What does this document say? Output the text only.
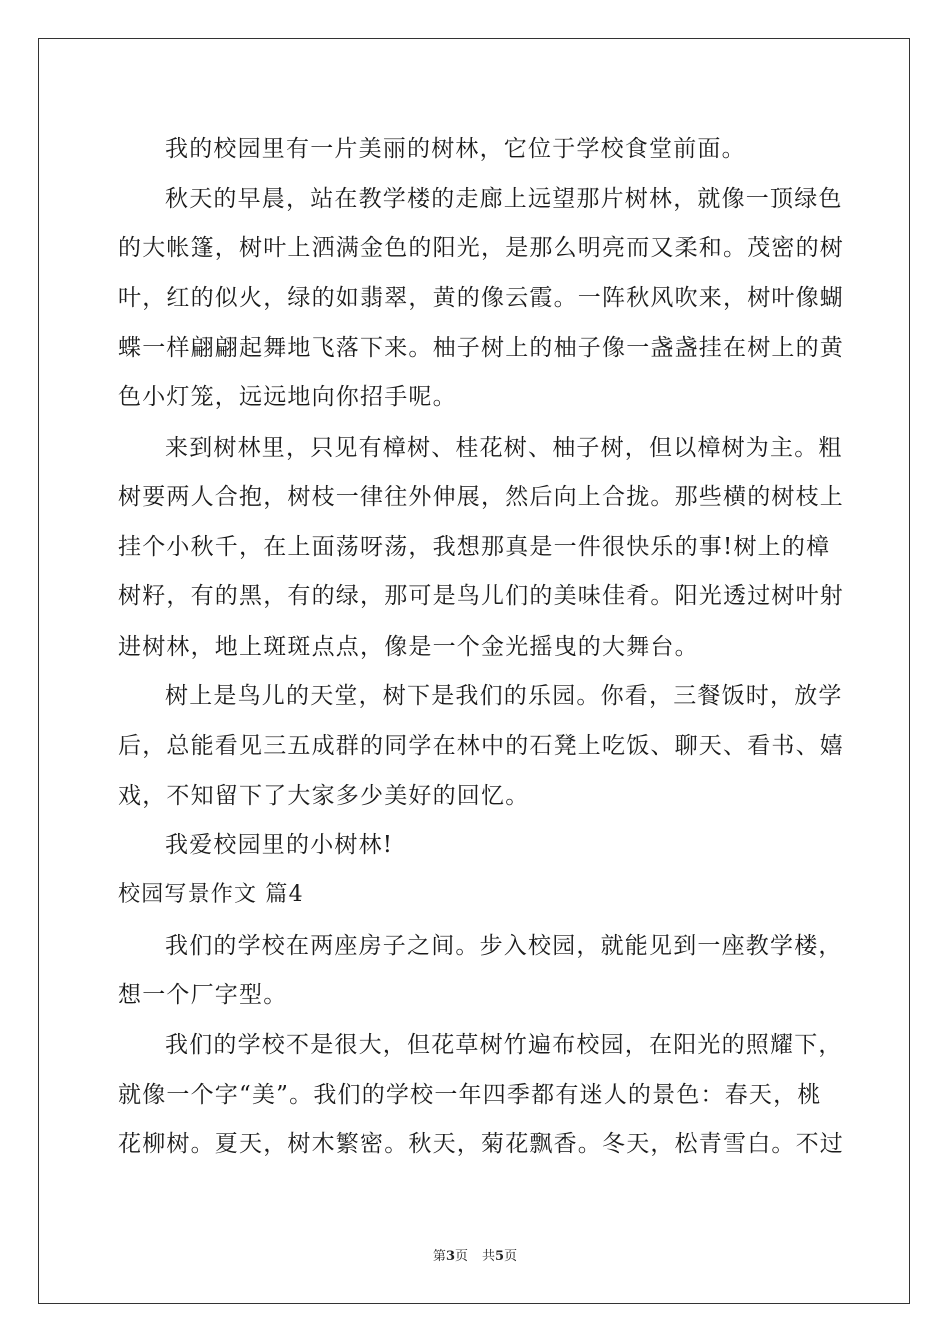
我的校园里有一片美丽的树林，它位于学校食堂前面。
秋天的早晨，站在教学楼的走廊上远望那片树林，就像一顶绿色
的大帐篷，树叶上洒满金色的阳光，是那么明亮而又柔和。茂密的树
叶，红的似火，绿的如翡翠，黄的像云霞。一阵秋风吹来，树叶像蝴
蝶一样翩翩起舞地飞落下来。柚子树上的柚子像一盏盏挂在树上的黄
色小灯笼，远远地向你招手呢。
来到树林里，只见有樟树、桂花树、柚子树，但以樟树为主。粗
树要两人合抱，树枝一律往外伸展，然后向上合拢。那些横的树枝上
挂个小秋千，在上面荡呀荡，我想那真是一件很快乐的事!树上的樟
树籽，有的黑，有的绿，那可是鸟儿们的美味佳肴。阳光透过树叶射
进树林，地上斑斑点点，像是一个金光摇曳的大舞台。
树上是鸟儿的天堂，树下是我们的乐园。你看，三餐饭时，放学
后，总能看见三五成群的同学在林中的石凳上吃饭、聊天、看书、嬉
戏，不知留下了大家多少美好的回忆。
我爱校园里的小树林!
校园写景作文 篇4
我们的学校在两座房子之间。步入校园，就能见到一座教学楼，
想一个厂字型。
我们的学校不是很大，但花草树竹遍布校园，在阳光的照耀下，
就像一个字“美”。我们的学校一年四季都有迷人的景色：春天，桃
花柳树。夏天，树木繁密。秋天，菊花飘香。冬天，松青雪白。不过
第3页 共5页
